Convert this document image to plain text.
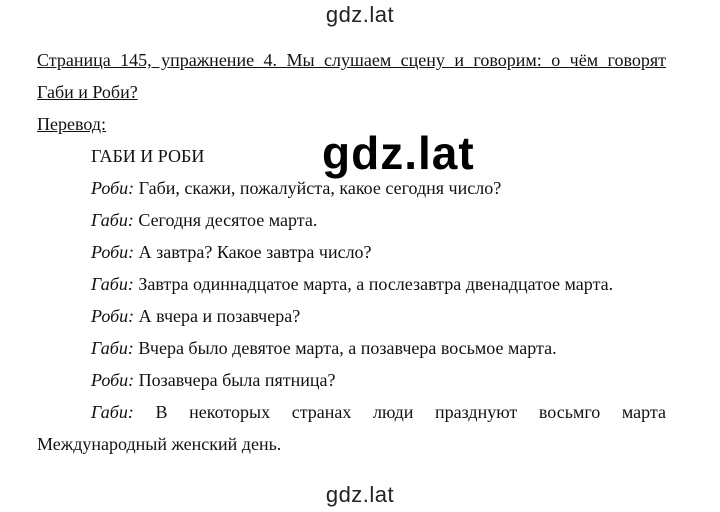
gdz.lat
gdz.lat
Страница 145, упражнение 4. Мы слушаем сцену и говорим: о чём говорят
Габи и Роби?
Перевод:
ГАБИ И РОБИ
Роби: Габи, скажи, пожалуйста, какое сегодня число?
Габи: Сегодня десятое марта.
Роби: А завтра? Какое завтра число?
Габи: Завтра одиннадцатое марта, а послезавтра двенадцатое марта.
Роби: А вчера и позавчера?
Габи: Вчера было девятое марта, а позавчера восьмое марта.
Роби: Позавчера была пятница?
Габи: В некоторых странах люди празднуют восьмго марта Международный женский день.
gdz.lat
